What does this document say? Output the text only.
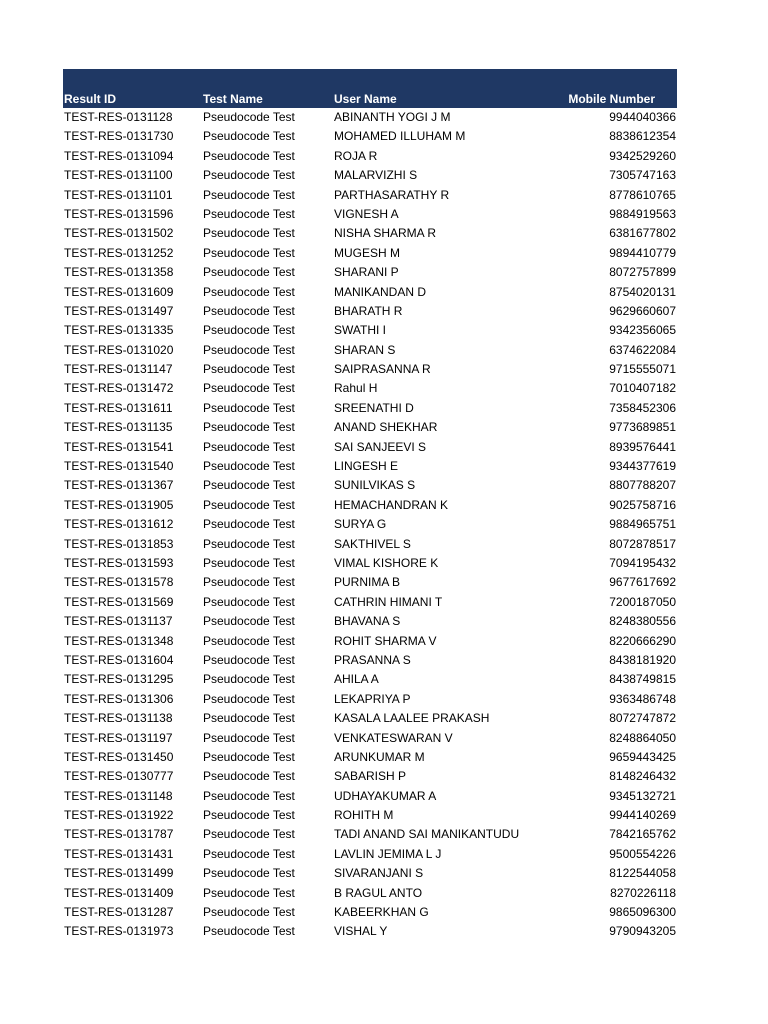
Result ID	Test Name	User Name	Mobile Number
TEST-RES-0131128	Pseudocode Test	ABINANTH YOGI J M	9944040366
TEST-RES-0131730 Pseudocode Test	MOHAMED ILLUHAM M	8838612354
TEST-RES-0131094 Pseudocode Test	ROJA R	9342529260
TEST-RES-0131100	Pseudocode Test	MALARVIZHI S	7305747163
TEST-RES-0131101	Pseudocode Test	PARTHASARATHY R	8778610765
TEST-RES-0131596 Pseudocode Test	VIGNESH A	9884919563
TEST-RES-0131502 Pseudocode Test	NISHA SHARMA R	6381677802
TEST-RES-0131252 Pseudocode Test	MUGESH M	9894410779
TEST-RES-0131358 Pseudocode Test	SHARANI P	8072757899
TEST-RES-0131609 Pseudocode Test	MANIKANDAN D	8754020131
TEST-RES-0131497 Pseudocode Test	BHARATH R	9629660607
TEST-RES-0131335 Pseudocode Test	SWATHI I	9342356065
TEST-RES-0131020 Pseudocode Test	SHARAN S	6374622084
TEST-RES-0131147	Pseudocode Test	SAIPRASANNA R	9715555071
TEST-RES-0131472 Pseudocode Test	Rahul H	7010407182
TEST-RES-0131611	Pseudocode Test	SREENATHI D	7358452306
TEST-RES-0131135	Pseudocode Test	ANAND SHEKHAR	9773689851
TEST-RES-0131541 Pseudocode Test	SAI SANJEEVI S	8939576441
TEST-RES-0131540 Pseudocode Test	LINGESH E	9344377619
TEST-RES-0131367 Pseudocode Test	SUNILVIKAS S	8807788207
TEST-RES-0131905 Pseudocode Test	HEMACHANDRAN K	9025758716
TEST-RES-0131612 Pseudocode Test	SURYA G	9884965751
TEST-RES-0131853 Pseudocode Test	SAKTHIVEL S	8072878517
TEST-RES-0131593 Pseudocode Test	VIMAL KISHORE K	7094195432
TEST-RES-0131578 Pseudocode Test	PURNIMA B	9677617692
TEST-RES-0131569 Pseudocode Test	CATHRIN HIMANI T	7200187050
TEST-RES-0131137	Pseudocode Test	BHAVANA S	8248380556
TEST-RES-0131348 Pseudocode Test	ROHIT SHARMA V	8220666290
TEST-RES-0131604 Pseudocode Test	PRASANNA S	8438181920
TEST-RES-0131295 Pseudocode Test	AHILA A	8438749815
TEST-RES-0131306 Pseudocode Test	LEKAPRIYA P	9363486748
TEST-RES-0131138	Pseudocode Test	KASALA LAALEE PRAKASH	8072747872
TEST-RES-0131197	Pseudocode Test	VENKATESWARAN V	8248864050
TEST-RES-0131450 Pseudocode Test	ARUNKUMAR M	9659443425
TEST-RES-0130777 Pseudocode Test	SABARISH P	8148246432
TEST-RES-0131148	Pseudocode Test	UDHAYAKUMAR A	9345132721
TEST-RES-0131922 Pseudocode Test	ROHITH M	9944140269
TEST-RES-0131787 Pseudocode Test	TADI ANAND SAI MANIKANTUDU	7842165762
TEST-RES-0131431 Pseudocode Test	LAVLIN JEMIMA L J	9500554226
TEST-RES-0131499 Pseudocode Test	SIVARANJANI S	8122544058
TEST-RES-0131409 Pseudocode Test	B RAGUL ANTO	8270226118
TEST-RES-0131287 Pseudocode Test	KABEERKHAN G	9865096300
TEST-RES-0131973 Pseudocode Test	VISHAL Y	9790943205
